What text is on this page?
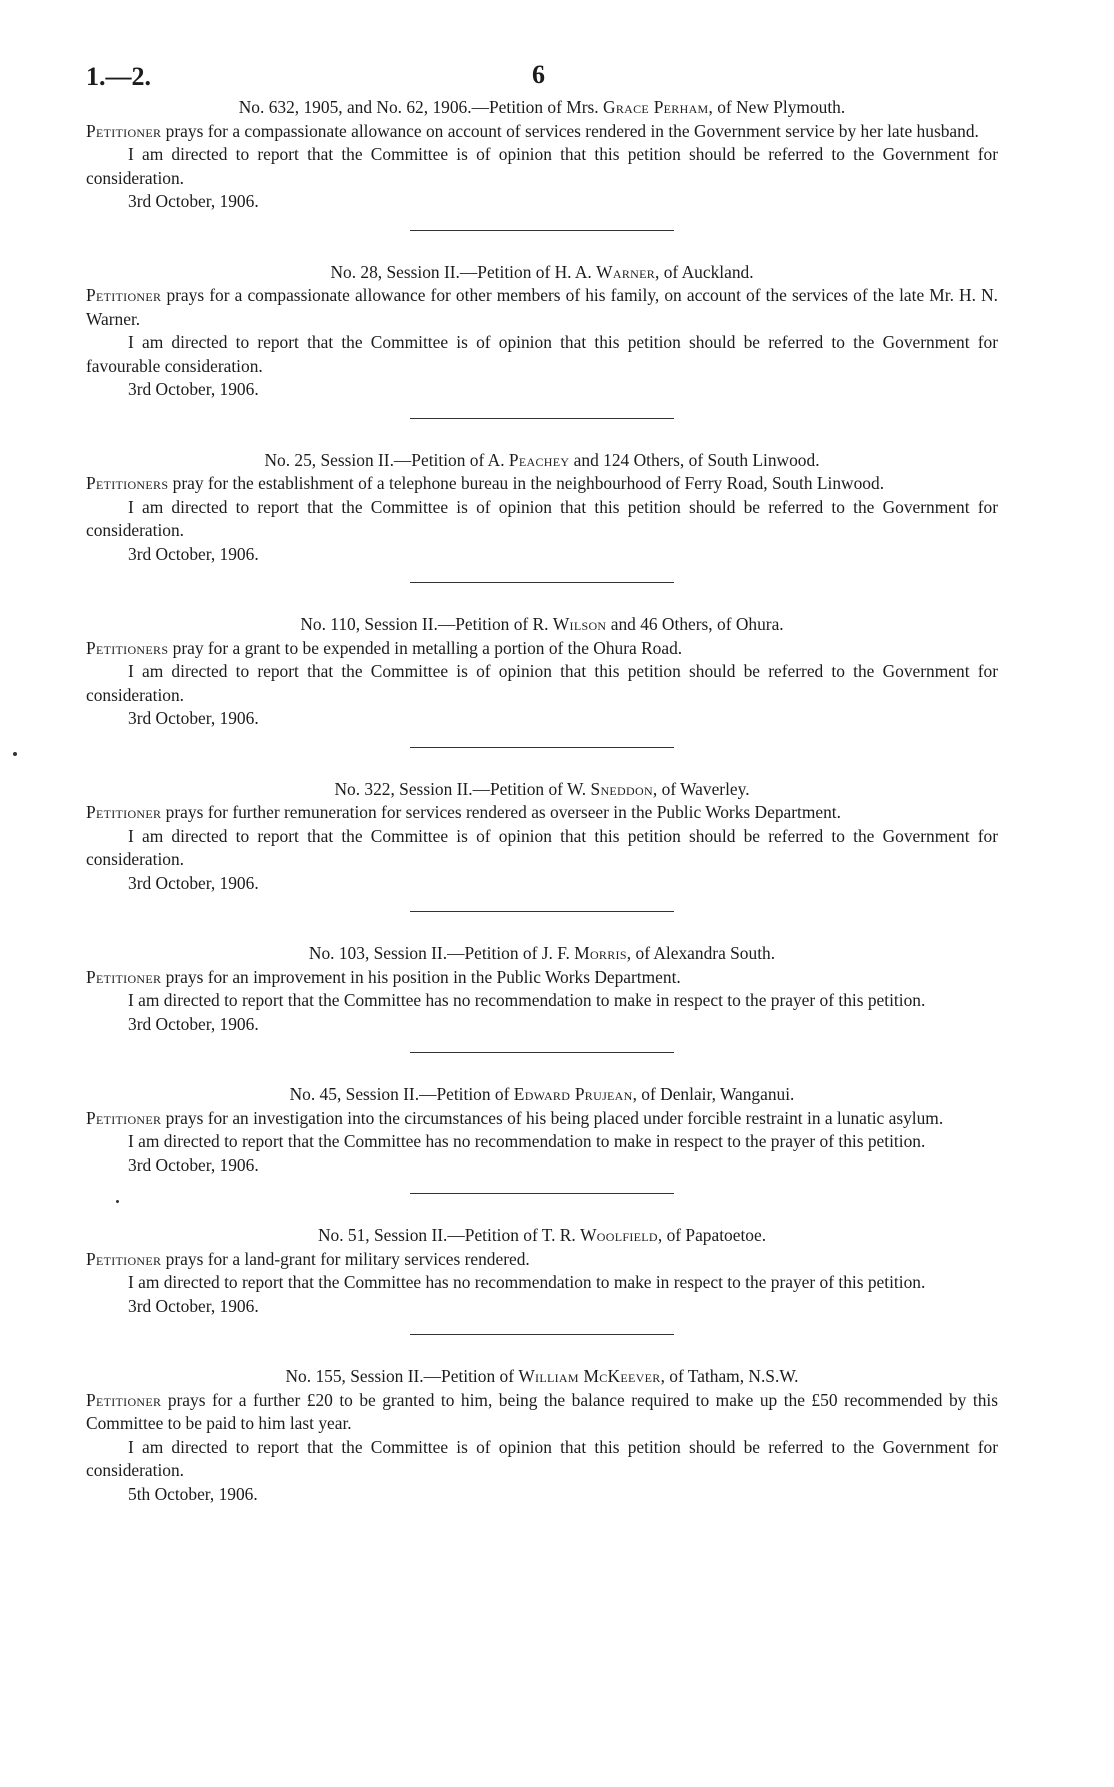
1.—2.	6

No. 632, 1905, and No. 62, 1906.—Petition of Mrs. Grace Perham, of New Plymouth.

Petitioner prays for a compassionate allowance on account of services rendered in the Government service by her late husband.

I am directed to report that the Committee is of opinion that this petition should be referred to the Government for consideration.

3rd October, 1906.

No. 28, Session II.—Petition of H. A. Warner, of Auckland.

Petitioner prays for a compassionate allowance for other members of his family, on account of the services of the late Mr. H. N. Warner.

I am directed to report that the Committee is of opinion that this petition should be referred to the Government for favourable consideration.

3rd October, 1906.

No. 25, Session II.—Petition of A. Peachey and 124 Others, of South Linwood.

Petitioners pray for the establishment of a telephone bureau in the neighbourhood of Ferry Road, South Linwood.

I am directed to report that the Committee is of opinion that this petition should be referred to the Government for consideration.

3rd October, 1906.

No. 110, Session II.—Petition of R. Wilson and 46 Others, of Ohura.

Petitioners pray for a grant to be expended in metalling a portion of the Ohura Road.

I am directed to report that the Committee is of opinion that this petition should be referred to the Government for consideration.

3rd October, 1906.

No. 322, Session II.—Petition of W. Sneddon, of Waverley.

Petitioner prays for further remuneration for services rendered as overseer in the Public Works Department.

I am directed to report that the Committee is of opinion that this petition should be referred to the Government for consideration.

3rd October, 1906.

No. 103, Session II.—Petition of J. F. Morris, of Alexandra South.

Petitioner prays for an improvement in his position in the Public Works Department.

I am directed to report that the Committee has no recommendation to make in respect to the prayer of this petition.

3rd October, 1906.

No. 45, Session II.—Petition of Edward Prujean, of Denlair, Wanganui.

Petitioner prays for an investigation into the circumstances of his being placed under forcible restraint in a lunatic asylum.

I am directed to report that the Committee has no recommendation to make in respect to the prayer of this petition.

3rd October, 1906.

No. 51, Session II.—Petition of T. R. Woolfield, of Papatoetoe.

Petitioner prays for a land-grant for military services rendered.

I am directed to report that the Committee has no recommendation to make in respect to the prayer of this petition.

3rd October, 1906.

No. 155, Session II.—Petition of William McKeever, of Tatham, N.S.W.

Petitioner prays for a further £20 to be granted to him, being the balance required to make up the £50 recommended by this Committee to be paid to him last year.

I am directed to report that the Committee is of opinion that this petition should be referred to the Government for consideration.

5th October, 1906.
